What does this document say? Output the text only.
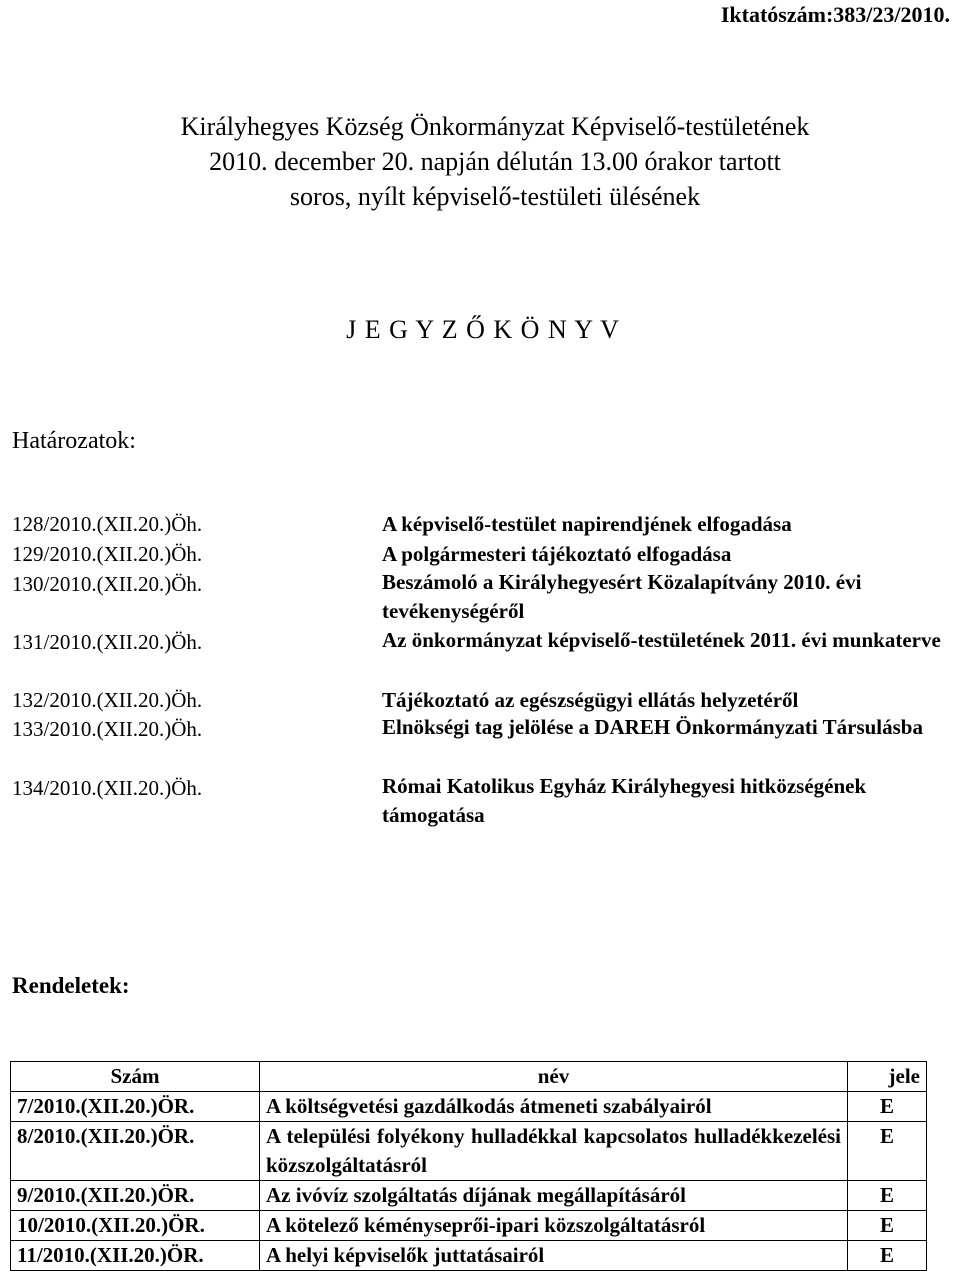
Iktatószám:383/23/2010.
Királyhegyes Község Önkormányzat Képviselő-testületének
2010. december 20. napján délután 13.00 órakor tartott
soros, nyílt képviselő-testületi ülésének
J E G Y Z Ő K Ö N Y V
Határozatok:
128/2010.(XII.20.)Öh.	A képviselő-testület napirendjének elfogadása
129/2010.(XII.20.)Öh.	A polgármesteri tájékoztató elfogadása
130/2010.(XII.20.)Öh.	Beszámoló a Királyhegyesért Közalapítvány 2010. évi tevékenységéről
131/2010.(XII.20.)Öh.	Az önkormányzat képviselő-testületének 2011. évi munkaterve
132/2010.(XII.20.)Öh.	Tájékoztató az egészségügyi ellátás helyzetéről
133/2010.(XII.20.)Öh.	Elnökségi tag jelölése a DAREH Önkormányzati Társulásba
134/2010.(XII.20.)Öh.	Római Katolikus Egyház Királyhegyesi hitközségének támogatása
Rendeletek:
Szám	név	jele
7/2010.(XII.20.)ÖR.	A költségvetési gazdálkodás átmeneti szabályairól	E
8/2010.(XII.20.)ÖR.	A települési folyékony hulladékkal kapcsolatos hulladékkezelési közszolgáltatásról	E
9/2010.(XII.20.)ÖR.	Az ivóvíz szolgáltatás díjának megállapításáról	E
10/2010.(XII.20.)ÖR.	A kötelező kéményseprői-ipari közszolgáltatásról	E
11/2010.(XII.20.)ÖR.	A helyi képviselők juttatásairól	E
